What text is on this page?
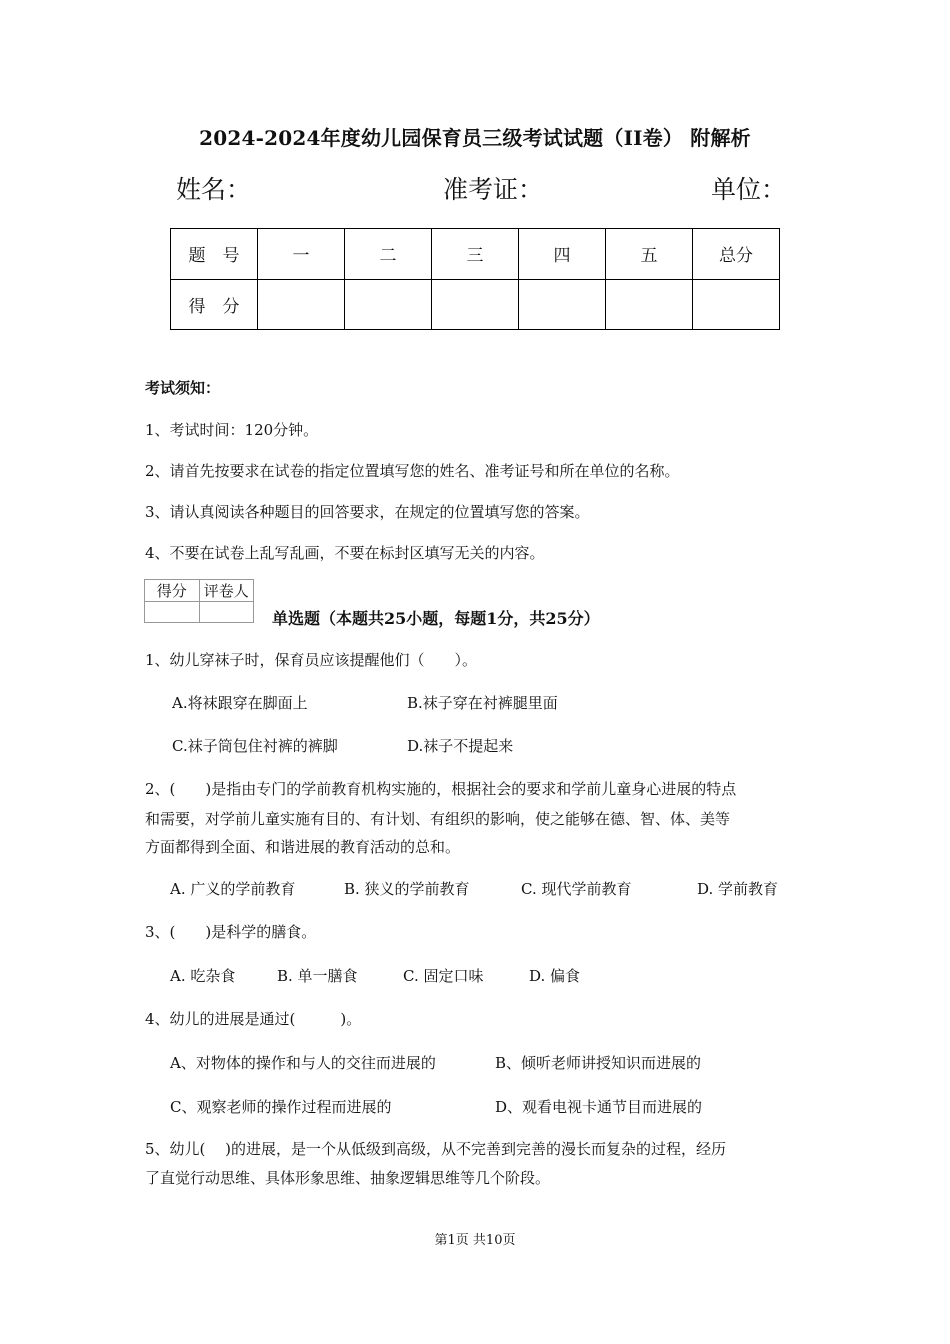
2024-2024年度幼儿园保育员三级考试试题（II卷） 附解析
姓名：	准考证：	单位：
题　号	一	二	三	四	五	总分
得　分						
考试须知：
1、考试时间：120分钟。
2、请首先按要求在试卷的指定位置填写您的姓名、准考证号和所在单位的名称。
3、请认真阅读各种题目的回答要求，在规定的位置填写您的答案。
4、不要在试卷上乱写乱画，不要在标封区填写无关的内容。
得分	评卷人

单选题（本题共25小题，每题1分，共25分）
1、幼儿穿袜子时，保育员应该提醒他们（　　）。
A.将袜跟穿在脚面上	B.袜子穿在衬裤腿里面
C.袜子筒包住衬裤的裤脚	D.袜子不提起来
2、(　　)是指由专门的学前教育机构实施的，根据社会的要求和学前儿童身心进展的特点
和需要，对学前儿童实施有目的、有计划、有组织的影响，使之能够在德、智、体、美等
方面都得到全面、和谐进展的教育活动的总和。
A. 广义的学前教育	B. 狭义的学前教育	C. 现代学前教育	D. 学前教育
3、(　　)是科学的膳食。
A. 吃杂食	B. 单一膳食	C. 固定口味	D. 偏食
4、幼儿的进展是通过(　　　)。
A、对物体的操作和与人的交往而进展的	B、倾听老师讲授知识而进展的
C、观察老师的操作过程而进展的	D、观看电视卡通节目而进展的
5、幼儿(　 )的进展，是一个从低级到高级，从不完善到完善的漫长而复杂的过程，经历
了直觉行动思维、具体形象思维、抽象逻辑思维等几个阶段。
第1页 共10页
